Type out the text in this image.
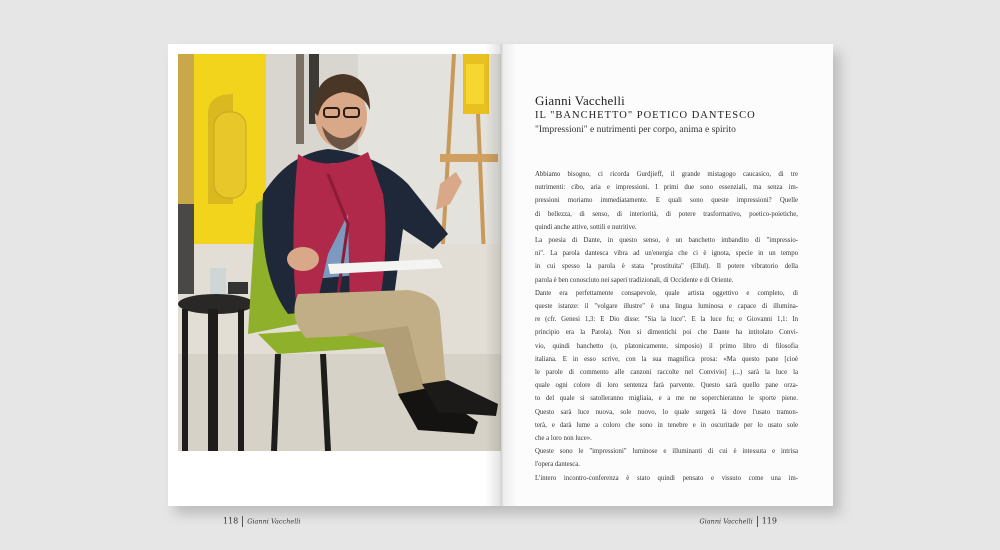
118 Gianni Vacchelli
Gianni Vacchelli
IL "BANCHETTO" POETICO DANTESCO
"Impressioni" e nutrimenti per corpo, anima e spirito
Abbiamo bisogno, ci ricorda Gurdjieff, il grande mistagogo caucasico, di tre
nutrimenti: cibo, aria e impressioni. I primi due sono essenziali, ma senza im-
pressioni moriamo immediatamente. E quali sono queste impressioni? Quelle
di bellezza, di senso, di interiorità, di potere trasformativo, poetico-poietiche,
quindi anche attive, sottili e nutritive.
La poesia di Dante, in questo senso, è un banchetto imbandito di "impressio-
ni". La parola dantesca vibra ad un'energia che ci è ignota, specie in un tempo
in cui spesso la parola è stata "prostituita" (Ellul). Il potere vibratorio della
parola è ben conosciuto nei saperi tradizionali, di Occidente e di Oriente.
Dante era perfettamente consapevole, quale artista oggettivo e completo, di
queste istanze: il "volgare illustre" è una lingua luminosa e capace di illumina-
re (cfr. Genesi 1,3: E Dio disse: "Sia la luce". E la luce fu; e Giovanni 1,1: In
principio era la Parola). Non si dimentichi poi che Dante ha intitolato Convi-
vio, quindi banchetto (o, platonicamente, simposio) il primo libro di filosofia
italiana. E in esso scrive, con la sua magnifica prosa: «Ma questo pane [cioè
le parole di commento alle canzoni raccolte nel Convivio] (...) sarà la luce la
quale ogni colore di loro sentenza farà parvente. Questo sarà quello pane orza-
to del quale si satolleranno migliaia, e a me ne soperchieranno le sporte piene.
Questo sarà luce nuova, sole nuovo, lo quale surgerà là dove l'usato tramon-
terà, e darà lume a coloro che sono in tenebre e in oscuritade per lo usato sole
che a loro non luce».
Queste sono le "impressioni" luminose e illuminanti di cui è intessuta e intrisa
l'opera dantesca.
L'intero incontro-conferenza è stato quindi pensato e vissuto come una im-
Gianni Vacchelli 119
